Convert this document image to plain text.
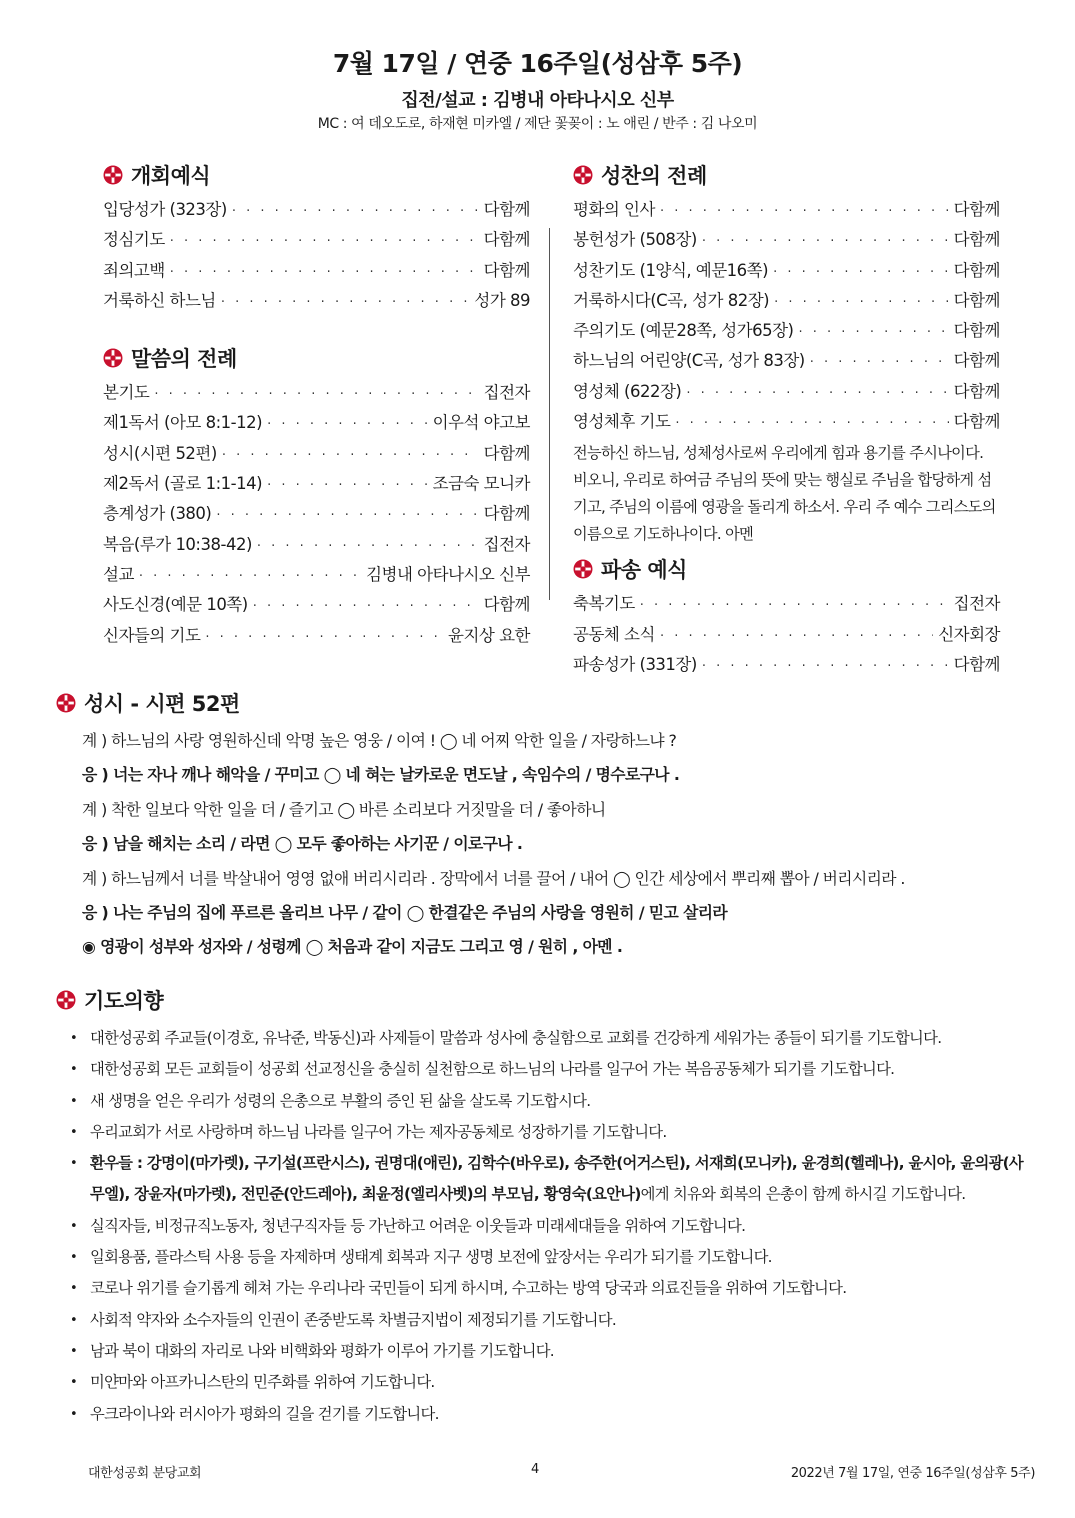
7월 17일 / 연중 16주일(성삼후 5주)
집전/설교 : 김병내 아타나시오 신부
MC : 여 데오도로, 하재현 미카엘 / 제단 꽃꽂이 : 노 애린 / 반주 : 김 나오미
개회예식
입당성가 (323장) · · ·	다함께
정심기도 · · ·	다함께
죄의고백 · · ·	다함께
거룩하신 하느님 · · ·	성가 89
말씀의 전례
본기도 · · ·	집전자
제1독서 (아모 8:1-12) · · ·	이우석 야고보
성시(시편 52편) · · ·	다함께
제2독서 (골로 1:1-14) · · ·	조금숙 모니카
층계성가 (380) · · ·	다함께
복음(루가 10:38-42) · · ·	집전자
설교 · · ·	김병내 아타나시오 신부
사도신경(예문 10쪽) · · ·	다함께
신자들의 기도 · · ·	윤지상 요한
성찬의 전례
평화의 인사 · · ·	다함께
봉헌성가 (508장) · · ·	다함께
성찬기도 (1양식, 예문16쪽) · · ·	다함께
거룩하시다(C곡, 성가 82장) · · ·	다함께
주의기도 (예문28쪽, 성가65장) · · ·	다함께
하느님의 어린양(C곡, 성가 83장) · · ·	다함께
영성체 (622장) · · ·	다함께
영성체후 기도 · · ·	다함께
전능하신 하느님, 성체성사로써 우리에게 힘과 용기를 주시나이다. 비오니, 우리로 하여금 주님의 뜻에 맞는 행실로 주님을 합당하게 섬기고, 주님의 이름에 영광을 돌리게 하소서. 우리 주 예수 그리스도의 이름으로 기도하나이다. 아멘
파송 예식
축복기도 · · ·	집전자
공동체 소식 · · ·	신자회장
파송성가 (331장) · · ·	다함께
성시 - 시편 52편
계 ) 하느님의 사랑 영원하신데 악명 높은 영웅 / 이여 ! ◯ 네 어찌 악한 일을 / 자랑하느냐 ?
응 ) 너는 자나 깨나 해악을 / 꾸미고 ◯ 네 혀는 날카로운 면도날 , 속임수의 / 명수로구나 .
계 ) 착한 일보다 악한 일을 더 / 즐기고 ◯ 바른 소리보다 거짓말을 더 / 좋아하니
응 ) 남을 해치는 소리 / 라면 ◯ 모두 좋아하는 사기꾼 / 이로구나 .
계 ) 하느님께서 너를 박살내어 영영 없애 버리시리라 . 장막에서 너를 끌어 / 내어 ◯ 인간 세상에서 뿌리째 뽑아 / 버리시리라 .
응 ) 나는 주님의 집에 푸르른 올리브 나무 / 같이 ◯ 한결같은 주님의 사랑을 영원히 / 믿고 살리라
◉ 영광이 성부와 성자와 / 성령께 ◯ 처음과 같이 지금도 그리고 영 / 원히 , 아멘 .
기도의향
• 대한성공회 주교들(이경호, 유낙준, 박동신)과 사제들이 말씀과 성사에 충실함으로 교회를 건강하게 세워가는 종들이 되기를 기도합니다.
• 대한성공회 모든 교회들이 성공회 선교정신을 충실히 실천함으로 하느님의 나라를 일구어 가는 복음공동체가 되기를 기도합니다.
• 새 생명을 얻은 우리가 성령의 은총으로 부활의 증인 된 삶을 살도록 기도합시다.
• 우리교회가 서로 사랑하며 하느님 나라를 일구어 가는 제자공동체로 성장하기를 기도합니다.
• 환우들 : 강명이(마가렛), 구기설(프란시스), 권명대(애린), 김학수(바우로), 송주한(어거스틴), 서재희(모니카), 윤경희(헬레나), 윤시아, 윤의광(사무엘), 장윤자(마가렛), 전민준(안드레아), 최윤정(엘리사벳)의 부모님, 황영숙(요안나)에게 치유와 회복의 은총이 함께 하시길 기도합니다.
• 실직자들, 비정규직노동자, 청년구직자들 등 가난하고 어려운 이웃들과 미래세대들을 위하여 기도합니다.
• 일회용품, 플라스틱 사용 등을 자제하며 생태계 회복과 지구 생명 보전에 앞장서는 우리가 되기를 기도합니다.
• 코로나 위기를 슬기롭게 헤쳐 가는 우리나라 국민들이 되게 하시며, 수고하는 방역 당국과 의료진들을 위하여 기도합니다.
• 사회적 약자와 소수자들의 인권이 존중받도록 차별금지법이 제정되기를 기도합니다.
• 남과 북이 대화의 자리로 나와 비핵화와 평화가 이루어 가기를 기도합니다.
• 미얀마와 아프카니스탄의 민주화를 위하여 기도합니다.
• 우크라이나와 러시아가 평화의 길을 걷기를 기도합니다.
대한성공회 분당교회	4	2022년 7월 17일, 연중 16주일(성삼후 5주)
